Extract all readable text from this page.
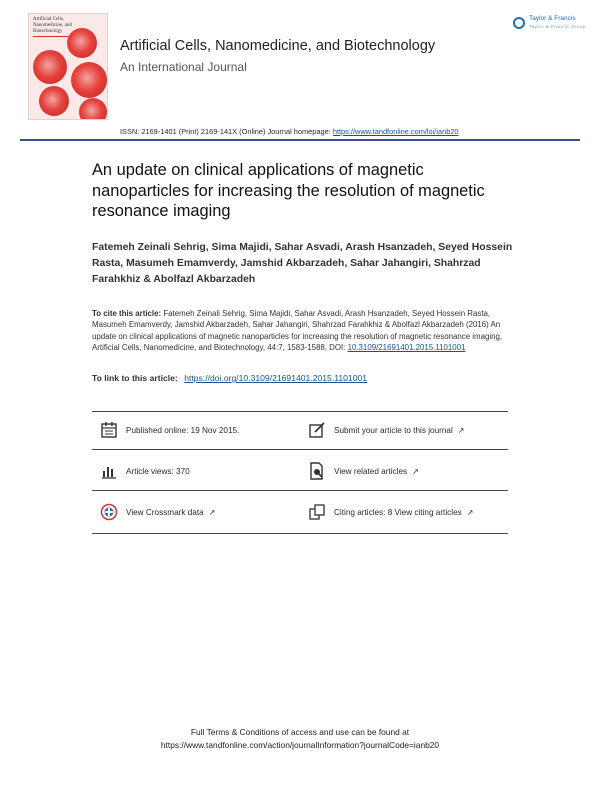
Artificial Cells, Nanomedicine, and Biotechnology
Artificial Cells, Nanomedicine, and Biotechnology
An International Journal
Taylor & Francis
Taylor & Francis Group
ISSN: 2169-1401 (Print) 2169-141X (Online) Journal homepage: https://www.tandfonline.com/loi/ianb20
An update on clinical applications of magnetic nanoparticles for increasing the resolution of magnetic resonance imaging
Fatemeh Zeinali Sehrig, Sima Majidi, Sahar Asvadi, Arash Hsanzadeh, Seyed Hossein Rasta, Masumeh Emamverdy, Jamshid Akbarzadeh, Sahar Jahangiri, Shahrzad Farahkhiz & Abolfazl Akbarzadeh
To cite this article: Fatemeh Zeinali Sehrig, Sima Majidi, Sahar Asvadi, Arash Hsanzadeh, Seyed Hossein Rasta, Masumeh Emamverdy, Jamshid Akbarzadeh, Sahar Jahangiri, Shahrzad Farahkhiz & Abolfazl Akbarzadeh (2016) An update on clinical applications of magnetic nanoparticles for increasing the resolution of magnetic resonance imaging, Artificial Cells, Nanomedicine, and Biotechnology, 44:7, 1583-1588, DOI: 10.3109/21691401.2015.1101001
To link to this article: https://doi.org/10.3109/21691401.2015.1101001
Published online: 19 Nov 2015.	Submit your article to this journal ↗
Article views: 370	View related articles ↗
View Crossmark data ↗	Citing articles: 8 View citing articles ↗
Full Terms & Conditions of access and use can be found at
https://www.tandfonline.com/action/journalInformation?journalCode=ianb20
